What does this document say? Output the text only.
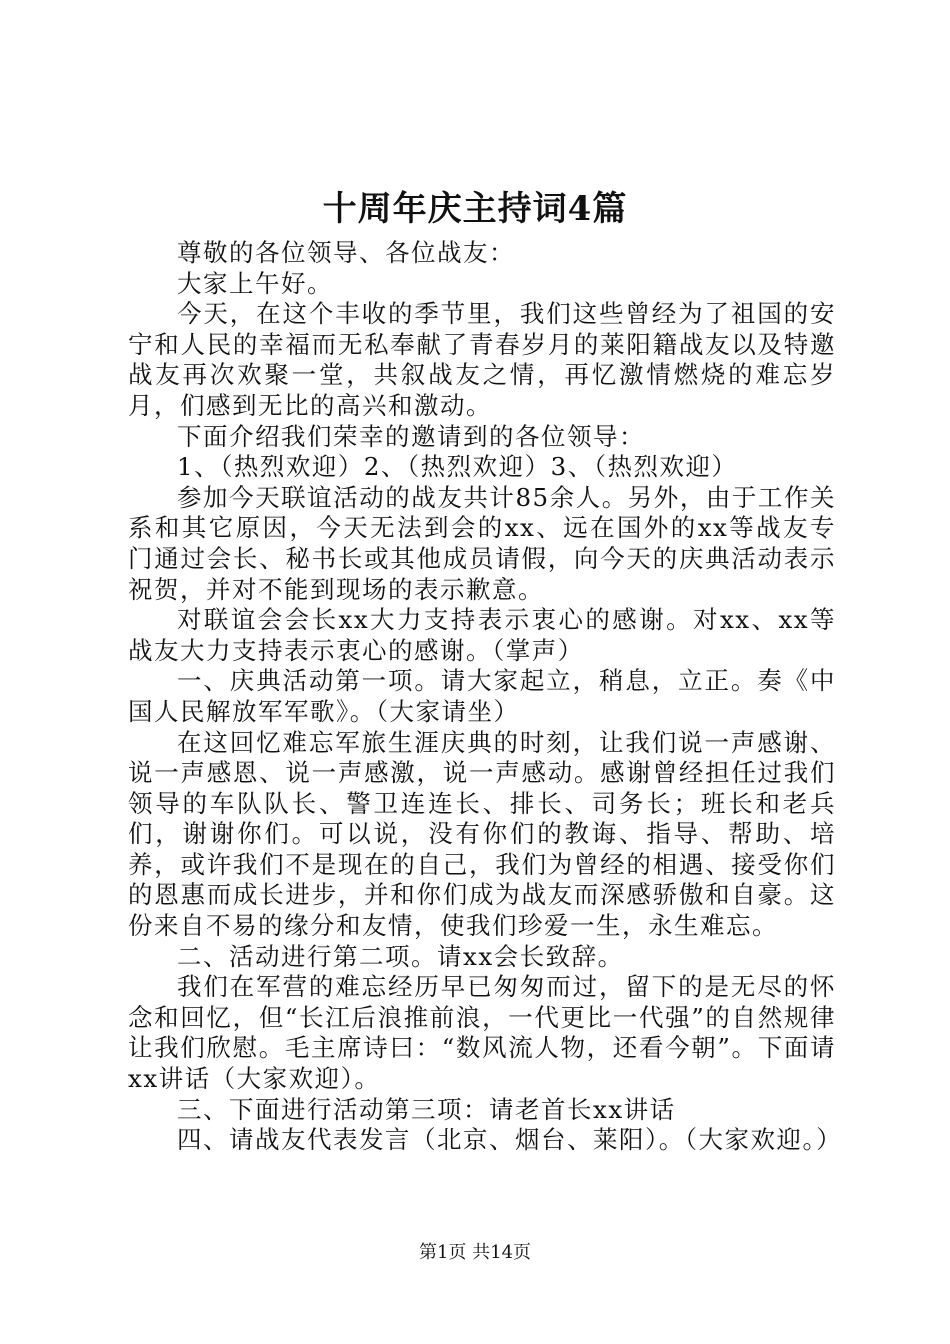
十周年庆主持词4篇

尊敬的各位领导、各位战友：

大家上午好。

今天，在这个丰收的季节里，我们这些曾经为了祖国的安宁和人民的幸福而无私奉献了青春岁月的莱阳籍战友以及特邀战友再次欢聚一堂，共叙战友之情，再忆激情燃烧的难忘岁月，们感到无比的高兴和激动。

下面介绍我们荣幸的邀请到的各位领导：

1、（热烈欢迎）2、（热烈欢迎）3、（热烈欢迎）

参加今天联谊活动的战友共计85余人。另外，由于工作关系和其它原因，今天无法到会的xx、远在国外的xx等战友专门通过会长、秘书长或其他成员请假，向今天的庆典活动表示祝贺，并对不能到现场的表示歉意。

对联谊会会长xx大力支持表示衷心的感谢。对xx、xx等战友大力支持表示衷心的感谢。（掌声）

一、庆典活动第一项。请大家起立，稍息，立正。奏《中国人民解放军军歌》。（大家请坐）

在这回忆难忘军旅生涯庆典的时刻，让我们说一声感谢、说一声感恩、说一声感激，说一声感动。感谢曾经担任过我们领导的车队队长、警卫连连长、排长、司务长；班长和老兵们，谢谢你们。可以说，没有你们的教诲、指导、帮助、培养，或许我们不是现在的自己，我们为曾经的相遇、接受你们的恩惠而成长进步，并和你们成为战友而深感骄傲和自豪。这份来自不易的缘分和友情，使我们珍爱一生，永生难忘。

二、活动进行第二项。请xx会长致辞。

我们在军营的难忘经历早已匆匆而过，留下的是无尽的怀念和回忆，但“长江后浪推前浪，一代更比一代强”的自然规律让我们欣慰。毛主席诗曰：“数风流人物，还看今朝”。下面请xx讲话（大家欢迎）。

三、下面进行活动第三项：请老首长xx讲话

四、请战友代表发言（北京、烟台、莱阳）。（大家欢迎。）

第1页 共14页
